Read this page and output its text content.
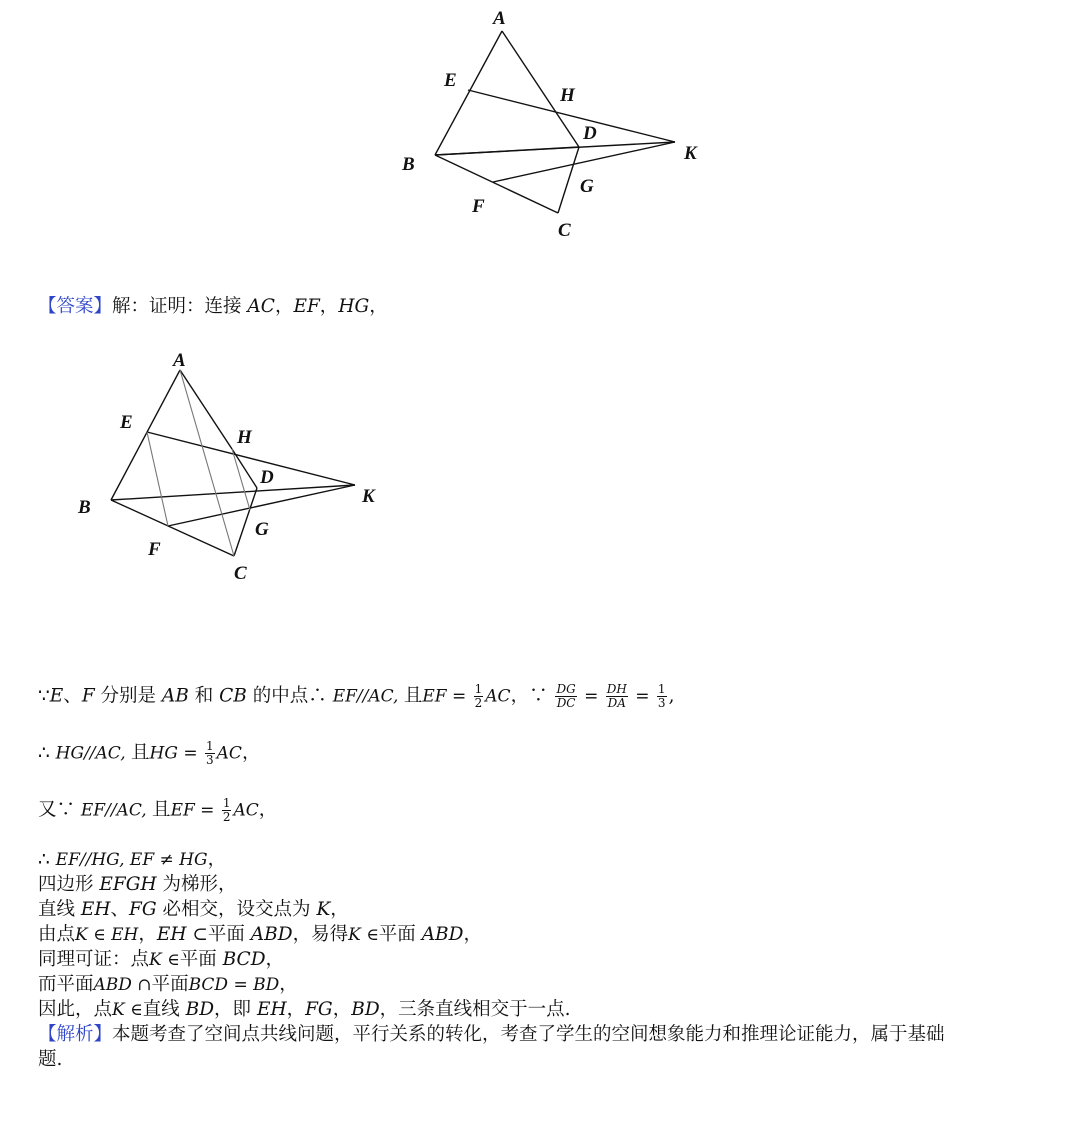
A
E
H
D
K
B
G
F
C
【答案】解：证明：连接 AC，EF，HG，
A
E
H
D
K
B
G
F
C
∵E、F 分别是 AB 和 CB 的中点∴ EF//AC, 且EF = $\frac{1}{2}$ AC，∵ $\frac{DG}{DC} = \frac{DH}{DA} = \frac{1}{3}$ ,
∴ HG//AC, 且HG = $\frac{1}{3}$ AC，
又∵ EF//AC, 且EF = $\frac{1}{2}$ AC，
∴ EF//HG, EF ≠ HG，
四边形 EFGH 为梯形，
直线 EH、FG 必相交，设交点为 K，
由点K ∈ EH，EH ⊂平面 ABD，易得K ∈平面 ABD，
同理可证：点K ∈平面 BCD，
而平面ABD ∩平面BCD = BD，
因此，点K ∈直线 BD，即 EH，FG，BD，三条直线相交于一点.
【解析】本题考查了空间点共线问题，平行关系的转化，考查了学生的空间想象能力和推理论证能力，属于基础
题.
